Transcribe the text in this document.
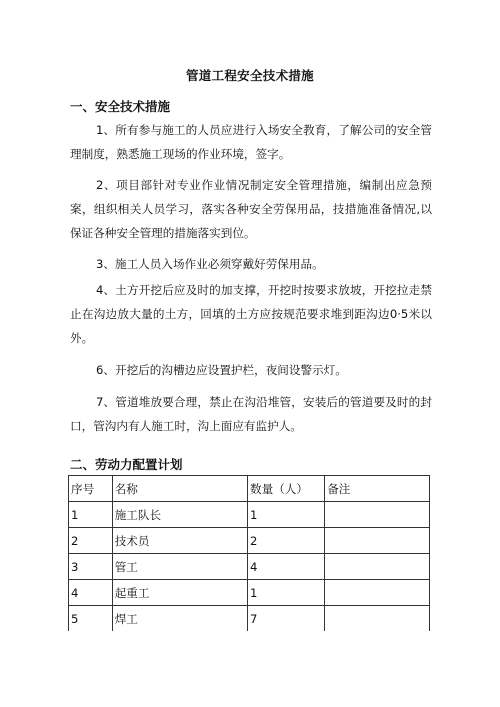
管道工程安全技术措施
一、安全技术措施

1、所有参与施工的人员应进行入场安全教育，了解公司的安全管理制度，熟悉施工现场的作业环境，签字。

2、项目部针对专业作业情况制定安全管理措施，编制出应急预案，组织相关人员学习，落实各种安全劳保用品，技措施准备情况,以保证各种安全管理的措施落实到位。

3、施工人员入场作业必须穿戴好劳保用品。

4、土方开挖后应及时的加支撑，开挖时按要求放坡，开挖拉走禁止在沟边放大量的土方，回填的土方应按规范要求堆到距沟边0·5米以外。

6、开挖后的沟槽边应设置护栏，夜间设警示灯。

7、管道堆放要合理，禁止在沟沿堆管，安装后的管道要及时的封口，管沟内有人施工时，沟上面应有监护人。

二、劳动力配置计划
序号	名称	数量（人）	备注
1	施工队长	1	
2	技术员	2	
3	管工	4	
4	起重工	1	
5	焊工	7	
